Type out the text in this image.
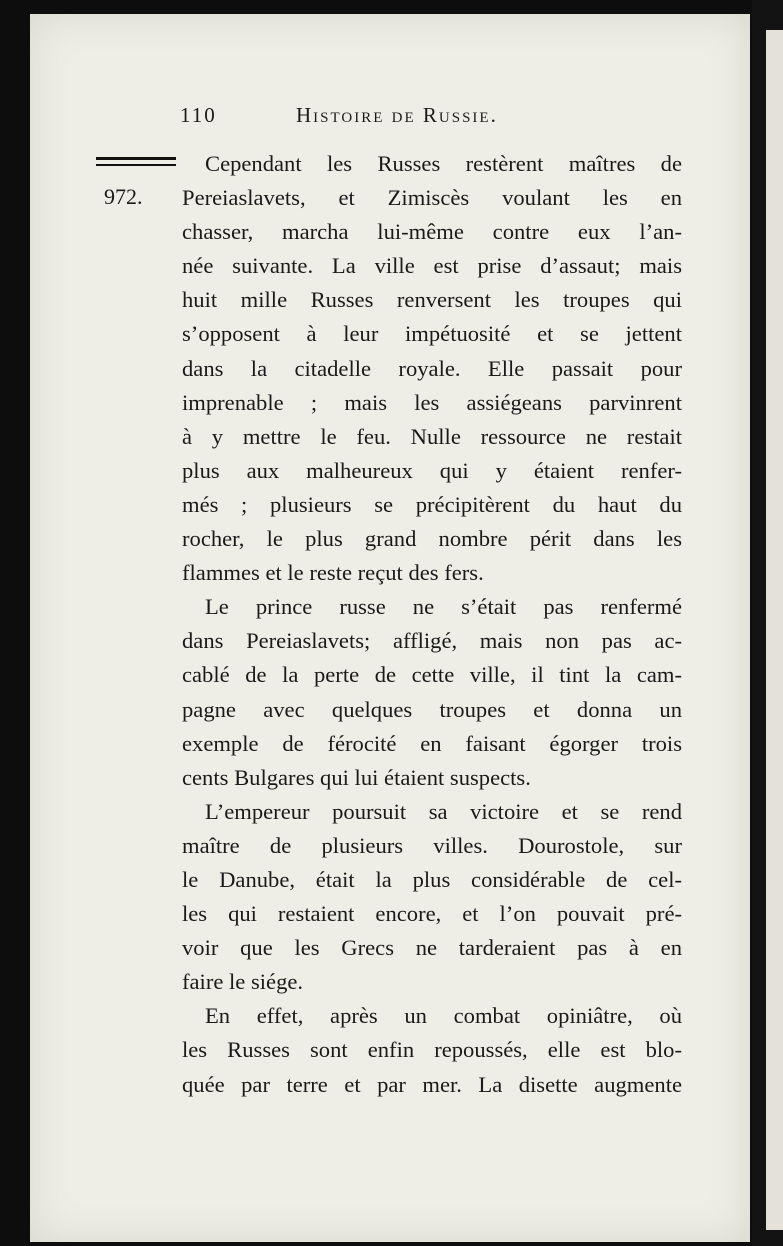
110	Histoire de Russie.
972.
Cependant les Russes restèrent maîtres de
Pereiaslavets, et Zimiscès voulant les en
chasser, marcha lui-même contre eux l’an-
née suivante. La ville est prise d’assaut; mais
huit mille Russes renversent les troupes qui
s’opposent à leur impétuosité et se jettent
dans la citadelle royale. Elle passait pour
imprenable ; mais les assiégeans parvinrent
à y mettre le feu. Nulle ressource ne restait
plus aux malheureux qui y étaient renfer-
més ; plusieurs se précipitèrent du haut du
rocher, le plus grand nombre périt dans les
flammes et le reste reçut des fers.
Le prince russe ne s’était pas renfermé
dans Pereiaslavets; affligé, mais non pas ac-
cablé de la perte de cette ville, il tint la cam-
pagne avec quelques troupes et donna un
exemple de férocité en faisant égorger trois
cents Bulgares qui lui étaient suspects.
L’empereur poursuit sa victoire et se rend
maître de plusieurs villes. Dourostole, sur
le Danube, était la plus considérable de cel-
les qui restaient encore, et l’on pouvait pré-
voir que les Grecs ne tarderaient pas à en
faire le siége.
En effet, après un combat opiniâtre, où
les Russes sont enfin repoussés, elle est blo-
quée par terre et par mer. La disette augmente
